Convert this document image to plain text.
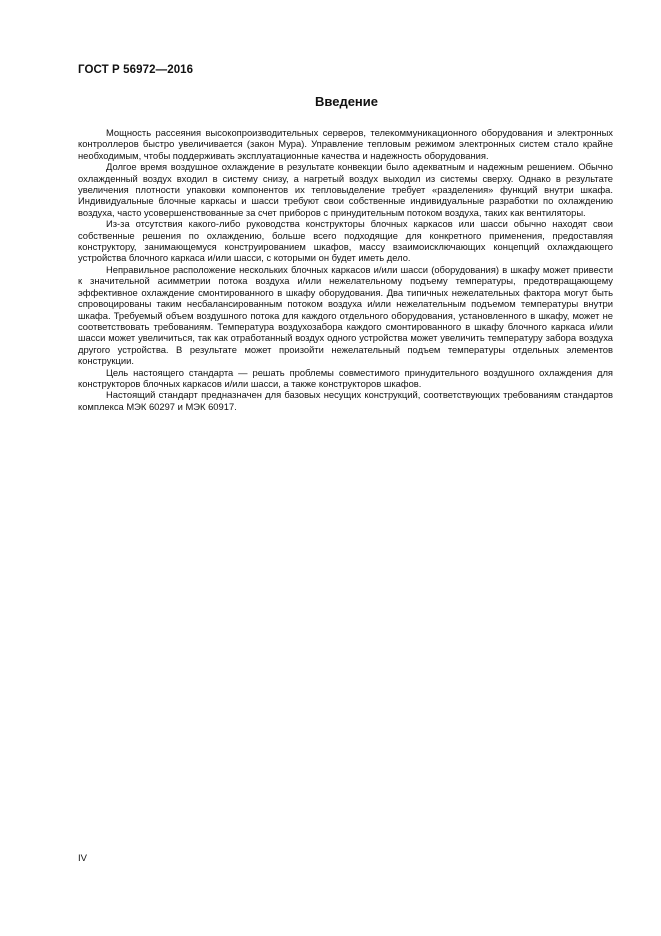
ГОСТ Р 56972—2016
Введение

Мощность рассеяния высокопроизводительных серверов, телекоммуникационного оборудования и электронных контроллеров быстро увеличивается (закон Мура). Управление тепловым режимом электронных систем стало крайне необходимым, чтобы поддерживать эксплуатационные качества и надежность оборудования.

Долгое время воздушное охлаждение в результате конвекции было адекватным и надежным решением. Обычно охлажденный воздух входил в систему снизу, а нагретый воздух выходил из системы сверху. Однако в результате увеличения плотности упаковки компонентов их тепловыделение требует «разделения» функций внутри шкафа. Индивидуальные блочные каркасы и шасси требуют свои собственные индивидуальные разработки по охлаждению воздуха, часто усовершенствованные за счет приборов с принудительным потоком воздуха, таких как вентиляторы.

Из-за отсутствия какого-либо руководства конструкторы блочных каркасов или шасси обычно находят свои собственные решения по охлаждению, больше всего подходящие для конкретного применения, предоставляя конструктору, занимающемуся конструированием шкафов, массу взаимоисключающих концепций охлаждающего устройства блочного каркаса и/или шасси, с которыми он будет иметь дело.

Неправильное расположение нескольких блочных каркасов и/или шасси (оборудования) в шкафу может привести к значительной асимметрии потока воздуха и/или нежелательному подъему температуры, предотвращающему эффективное охлаждение смонтированного в шкафу оборудования. Два типичных нежелательных фактора могут быть спровоцированы таким несбалансированным потоком воздуха и/или нежелательным подъемом температуры внутри шкафа. Требуемый объем воздушного потока для каждого отдельного оборудования, установленного в шкафу, может не соответствовать требованиям. Температура воздухозабора каждого смонтированного в шкафу блочного каркаса и/или шасси может увеличиться, так как отработанный воздух одного устройства может увеличить температуру забора воздуха другого устройства. В результате может произойти нежелательный подъем температуры отдельных элементов конструкции.

Цель настоящего стандарта — решать проблемы совместимого принудительного воздушного охлаждения для конструкторов блочных каркасов и/или шасси, а также конструкторов шкафов.

Настоящий стандарт предназначен для базовых несущих конструкций, соответствующих требованиям стандартов комплекса МЭК 60297 и МЭК 60917.

IV
